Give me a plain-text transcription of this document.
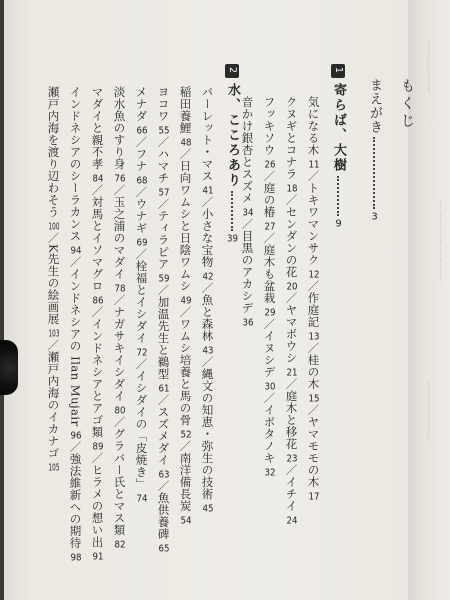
〜〜〜〜〜〜
〜〜〜〜〜〜〜〜〜
〜〜〜〜〜〜〜
もくじ
まえがき3
1寄らば、大樹9
気になる木11／トキワマンサク12／作庭記13／桂の木15／ヤマモモの木17
クヌギとコナラ18／センダンの花20／ヤマボウシ21／庭木と移花23／イチイ24
フッキソウ26／庭の椿27／庭木も盆栽29／イヌシデ30／イボタノキ32
音かけ銀杏とスズメ34／目黒のアカシデ36
2水、こころあり39
バーレット・マス41／小さな宝物42／魚と森林43／縄文の知恵・弥生の技術45
稲田養鯉48／日向ワムシと日陰ワムシ49／ワムシ培養と馬の骨52／南洋備長炭54
ヨコワ55／ハマチ57／ティラピア59／加温先生と鵜型61／スズメダイ63／魚供養碑65
メナダ66／フナ68／ウナギ69／栓福とイシダイ72／イシダイの「皮焼き」74
淡水魚のすり身76／玉之浦のマダイ78／ナガサキイシダイ80／グラバー氏とマス類82
マダイと親不孝84／対馬とイソマグロ86／インドネシアとアゴ類89／ヒラメの想い出91
インドネシアのシーラカンス94／インドネシアの Ilan Mujair96／強法維新への期待98
瀬戸内海を渡り辺わそう100／K先生の絵画展103／瀬戸内海のイカナゴ105
